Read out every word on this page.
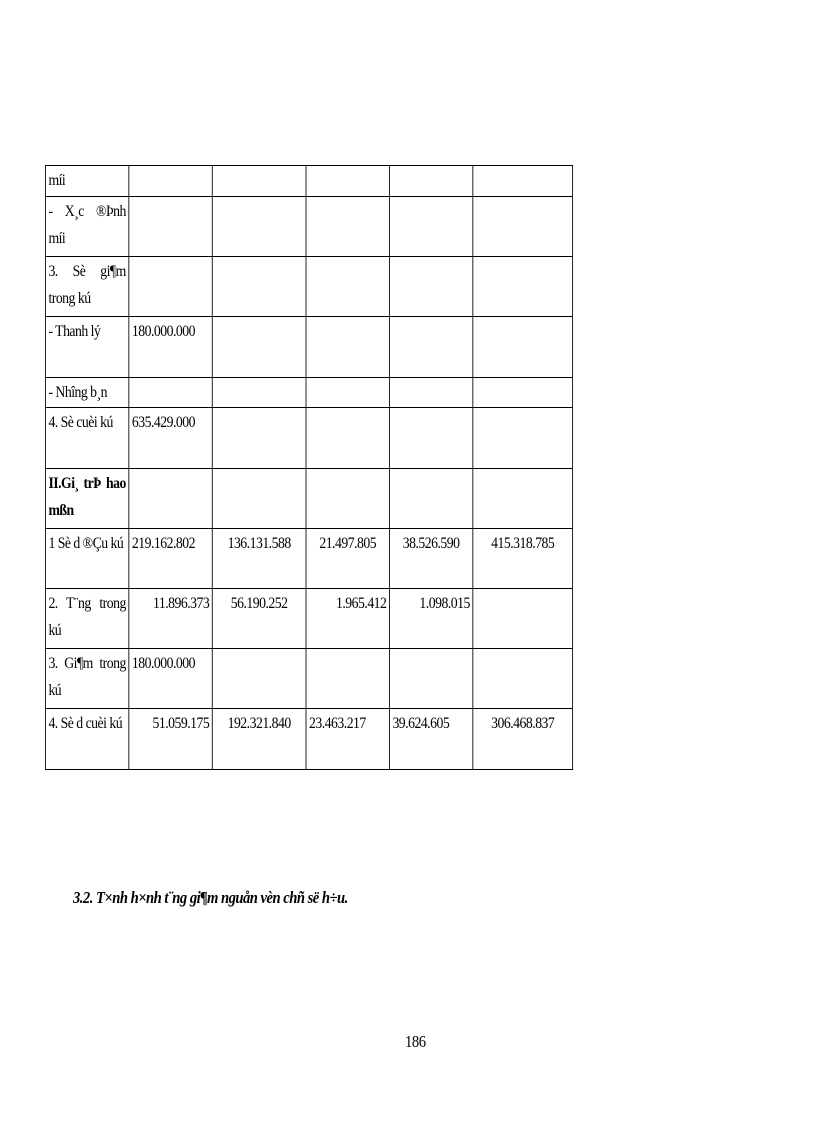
míi					
- X¸c ®Þnh míi					
3. Sè gi¶m trong kú					
- Thanh lý	180.000.000				
- Nhîng b¸n					
4. Sè cuèi kú	635.429.000				
II.Gi¸ trÞ hao mßn					
1 Sè d ®Çu kú	219.162.802	136.131.588	21.497.805	38.526.590	415.318.785
2. T¨ng trong kú	11.896.373	56.190.252	1.965.412	1.098.015	
3. Gi¶m trong kú	180.000.000				
4. Sè d cuèi kú	51.059.175	192.321.840	23.463.217	39.624.605	306.468.837
3.2. T×nh h×nh t¨ng gi¶m nguån vèn chñ së h÷u.
186
